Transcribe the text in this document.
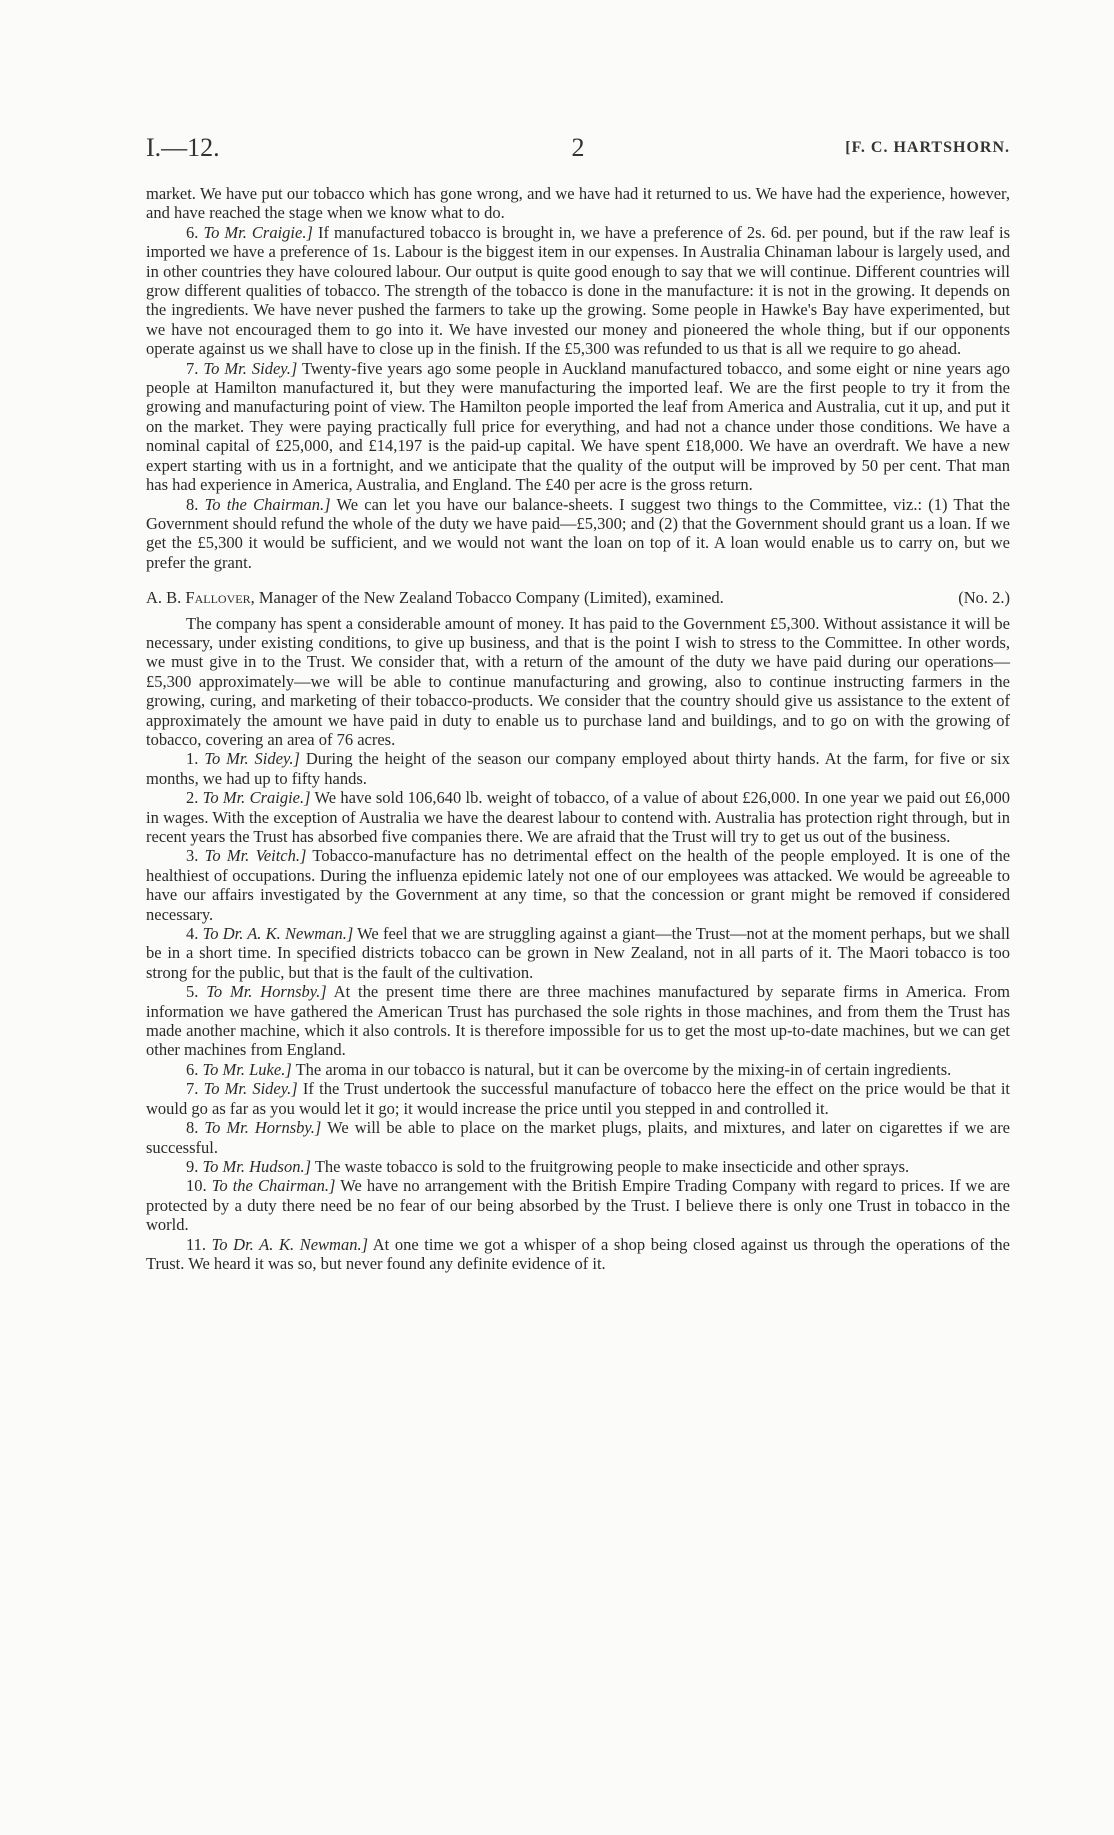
2
I.—12.	[F. C. HARTSHORN.

market. We have put our tobacco which has gone wrong, and we have had it returned to us. We have had the experience, however, and have reached the stage when we know what to do.

6. To Mr. Craigie.] If manufactured tobacco is brought in, we have a preference of 2s. 6d. per pound, but if the raw leaf is imported we have a preference of 1s. Labour is the biggest item in our expenses. In Australia Chinaman labour is largely used, and in other countries they have coloured labour. Our output is quite good enough to say that we will continue. Different countries will grow different qualities of tobacco. The strength of the tobacco is done in the manufacture: it is not in the growing. It depends on the ingredients. We have never pushed the farmers to take up the growing. Some people in Hawke's Bay have experimented, but we have not encouraged them to go into it. We have invested our money and pioneered the whole thing, but if our opponents operate against us we shall have to close up in the finish. If the £5,300 was refunded to us that is all we require to go ahead.

7. To Mr. Sidey.] Twenty-five years ago some people in Auckland manufactured tobacco, and some eight or nine years ago people at Hamilton manufactured it, but they were manufacturing the imported leaf. We are the first people to try it from the growing and manufacturing point of view. The Hamilton people imported the leaf from America and Australia, cut it up, and put it on the market. They were paying practically full price for everything, and had not a chance under those conditions. We have a nominal capital of £25,000, and £14,197 is the paid-up capital. We have spent £18,000. We have an overdraft. We have a new expert starting with us in a fortnight, and we anticipate that the quality of the output will be improved by 50 per cent. That man has had experience in America, Australia, and England. The £40 per acre is the gross return.

8. To the Chairman.] We can let you have our balance-sheets. I suggest two things to the Committee, viz.: (1) That the Government should refund the whole of the duty we have paid—£5,300; and (2) that the Government should grant us a loan. If we get the £5,300 it would be sufficient, and we would not want the loan on top of it. A loan would enable us to carry on, but we prefer the grant.

(No. 2.)
A. B. Fallover, Manager of the New Zealand Tobacco Company (Limited), examined.

The company has spent a considerable amount of money. It has paid to the Government £5,300. Without assistance it will be necessary, under existing conditions, to give up business, and that is the point I wish to stress to the Committee. In other words, we must give in to the Trust. We consider that, with a return of the amount of the duty we have paid during our operations—£5,300 approximately—we will be able to continue manufacturing and growing, also to continue instructing farmers in the growing, curing, and marketing of their tobacco-products. We consider that the country should give us assistance to the extent of approximately the amount we have paid in duty to enable us to purchase land and buildings, and to go on with the growing of tobacco, covering an area of 76 acres.

1. To Mr. Sidey.] During the height of the season our company employed about thirty hands. At the farm, for five or six months, we had up to fifty hands.

2. To Mr. Craigie.] We have sold 106,640 lb. weight of tobacco, of a value of about £26,000. In one year we paid out £6,000 in wages. With the exception of Australia we have the dearest labour to contend with. Australia has protection right through, but in recent years the Trust has absorbed five companies there. We are afraid that the Trust will try to get us out of the business.

3. To Mr. Veitch.] Tobacco-manufacture has no detrimental effect on the health of the people employed. It is one of the healthiest of occupations. During the influenza epidemic lately not one of our employees was attacked. We would be agreeable to have our affairs investigated by the Government at any time, so that the concession or grant might be removed if considered necessary.

4. To Dr. A. K. Newman.] We feel that we are struggling against a giant—the Trust—not at the moment perhaps, but we shall be in a short time. In specified districts tobacco can be grown in New Zealand, not in all parts of it. The Maori tobacco is too strong for the public, but that is the fault of the cultivation.

5. To Mr. Hornsby.] At the present time there are three machines manufactured by separate firms in America. From information we have gathered the American Trust has purchased the sole rights in those machines, and from them the Trust has made another machine, which it also controls. It is therefore impossible for us to get the most up-to-date machines, but we can get other machines from England.

6. To Mr. Luke.] The aroma in our tobacco is natural, but it can be overcome by the mixing-in of certain ingredients.

7. To Mr. Sidey.] If the Trust undertook the successful manufacture of tobacco here the effect on the price would be that it would go as far as you would let it go; it would increase the price until you stepped in and controlled it.

8. To Mr. Hornsby.] We will be able to place on the market plugs, plaits, and mixtures, and later on cigarettes if we are successful.

9. To Mr. Hudson.] The waste tobacco is sold to the fruitgrowing people to make insecticide and other sprays.

10. To the Chairman.] We have no arrangement with the British Empire Trading Company with regard to prices. If we are protected by a duty there need be no fear of our being absorbed by the Trust. I believe there is only one Trust in tobacco in the world.

11. To Dr. A. K. Newman.] At one time we got a whisper of a shop being closed against us through the operations of the Trust. We heard it was so, but never found any definite evidence of it.
